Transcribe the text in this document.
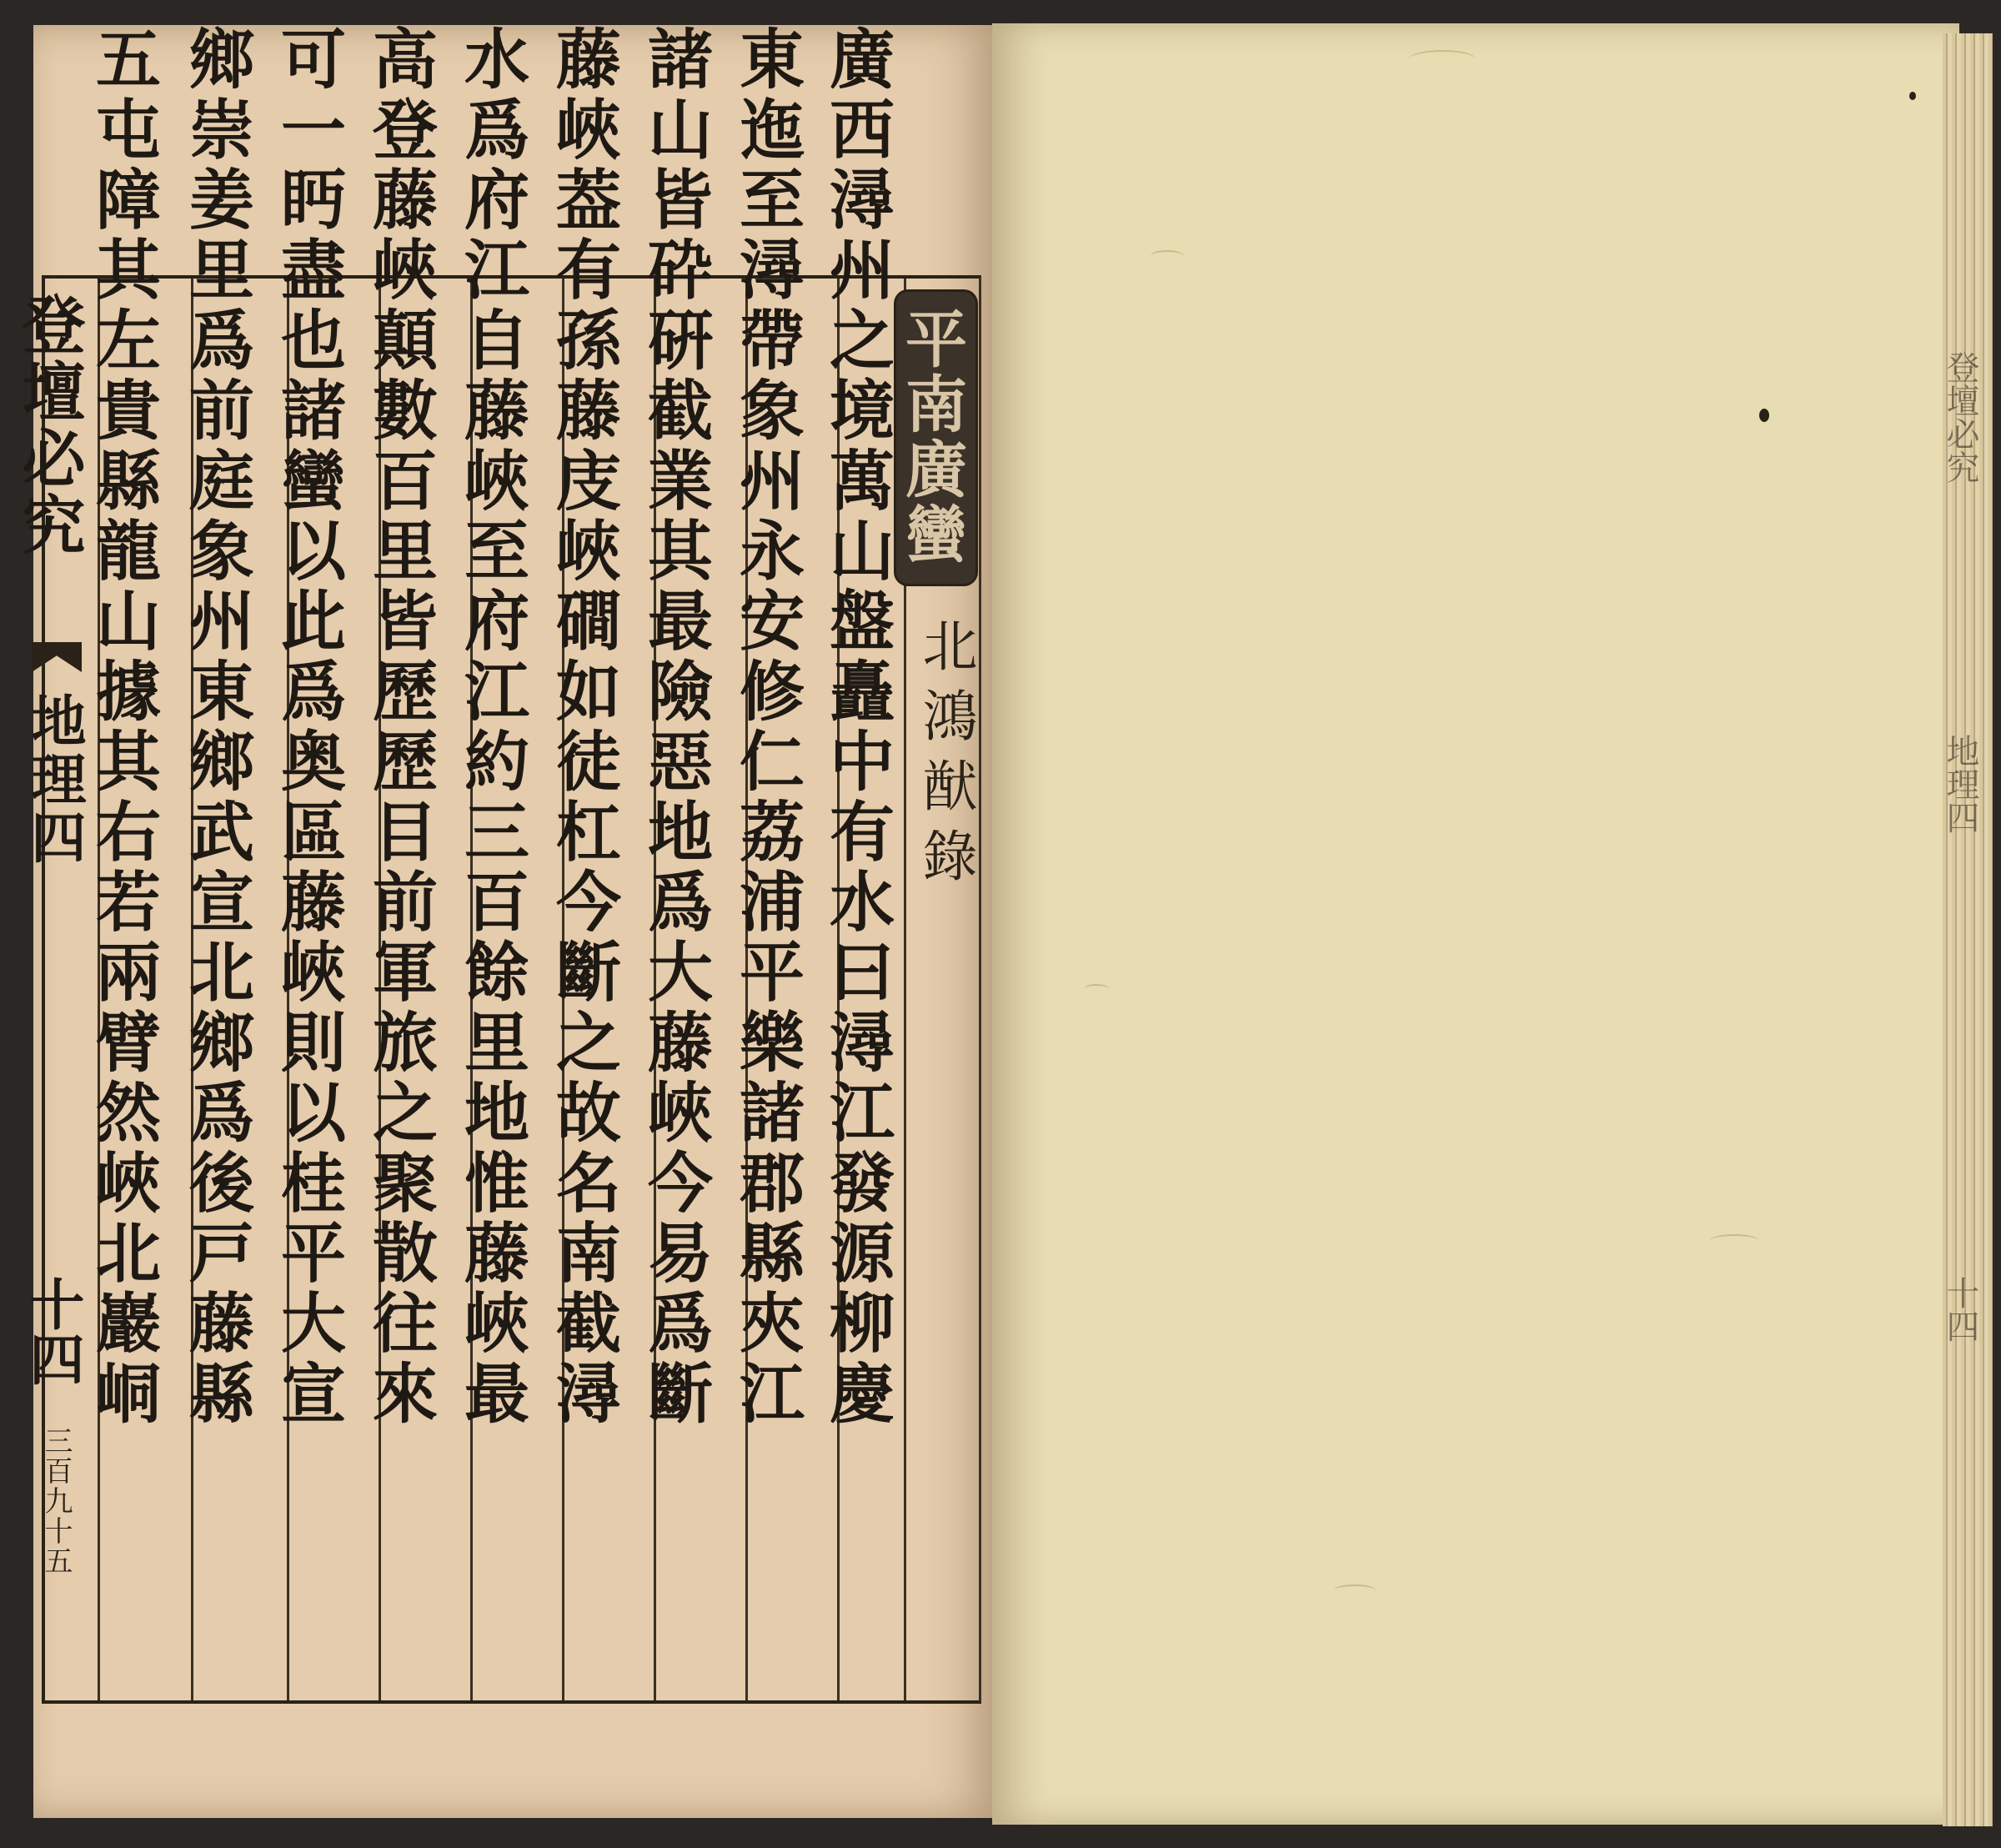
登壇必究
地理四
十四
平南廣蠻
北鴻猷錄
廣西潯州之境萬山盤矗中有水曰潯江發源柳慶
東迤至潯帶象州永安修仁荔浦平樂諸郡縣夾江
諸山皆砕硏截業其最險惡地爲大藤峽今易爲斷
藤峽葢有孫藤庋峽磵如徒杠今斷之故名南截潯
水爲府江自藤峽至府江約三百餘里地惟藤峽最
高登藤峽顛數百里皆歷歷目前軍旅之聚散往來
可一眄盡也諸蠻以此爲奥區藤峽則以桂平大宣
鄉崇姜里爲前庭象州東鄉武宣北鄉爲後戸藤縣
五屯障其左貴縣龍山據其右若兩臂然峽北巖峒
登壇必究
地理四
十四
三百九十五
